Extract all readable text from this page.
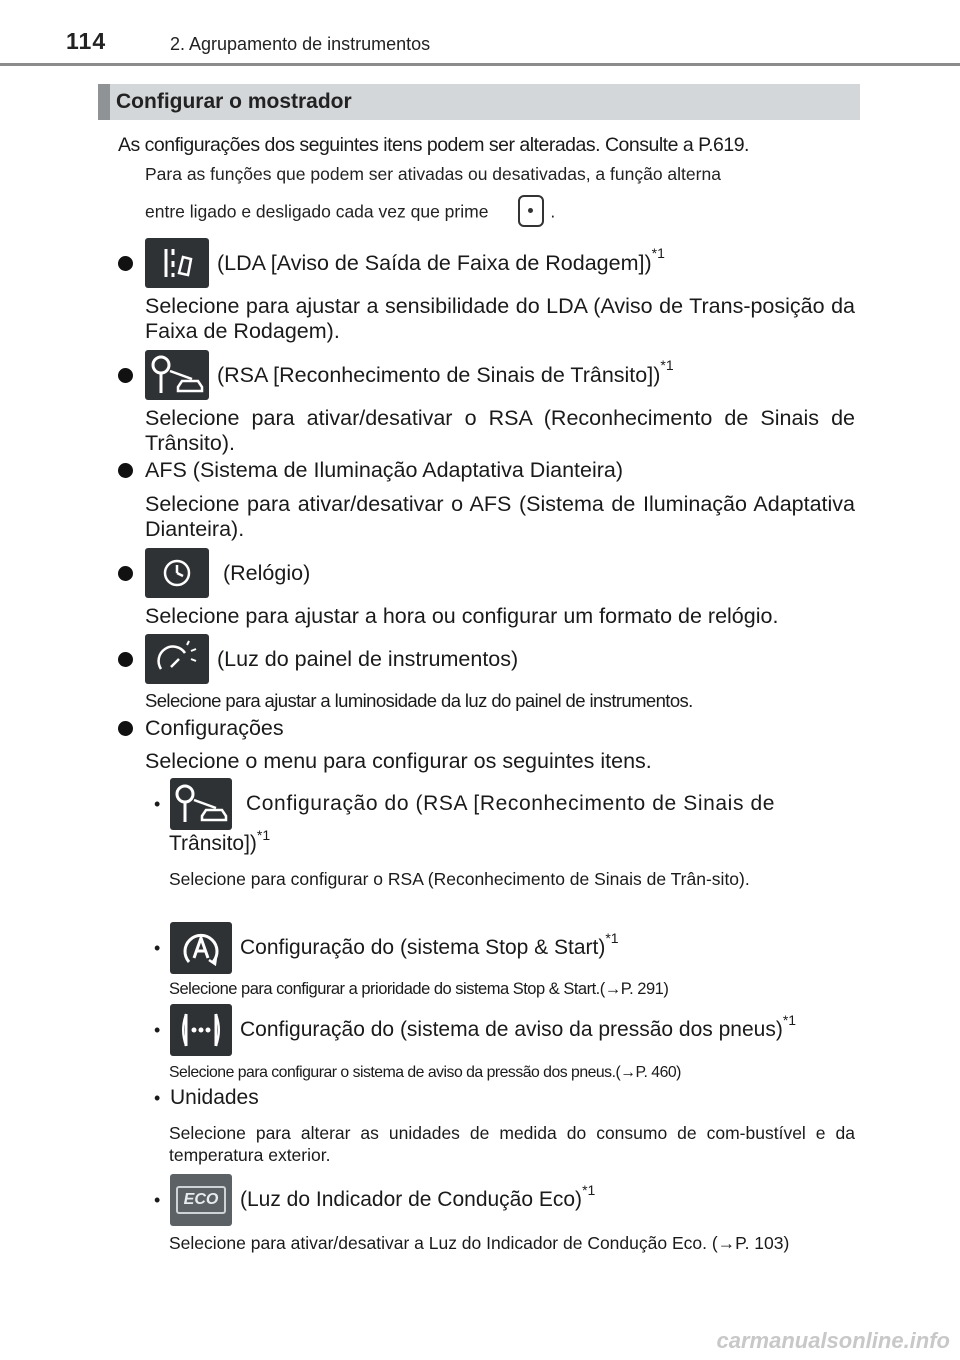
114	2. Agrupamento de instrumentos
Configurar o mostrador
As configurações dos seguintes itens podem ser alteradas. Consulte a P.619.
Para as funções que podem ser ativadas ou desativadas, a função alterna
entre ligado e desligado cada vez que prime	.
(LDA [Aviso de Saída de Faixa de Rodagem]) *1
Selecione para ajustar a sensibilidade do LDA (Aviso de Trans-posição da Faixa de Rodagem).
(RSA [Reconhecimento de Sinais de Trânsito]) *1
Selecione para ativar/desativar o RSA (Reconhecimento de Sinais de Trânsito).
AFS (Sistema de Iluminação Adaptativa Dianteira)
Selecione para ativar/desativar o AFS (Sistema de Iluminação Adaptativa Dianteira).
(Relógio)
Selecione para ajustar a hora ou configurar um formato de relógio.
(Luz do painel de instrumentos)
Selecione para ajustar a luminosidade da luz do painel de instrumentos.
Configurações
Selecione o menu para configurar os seguintes itens.
•	Configuração do (RSA [Reconhecimento de Sinais de
Trânsito])$^{*1}$
Selecione para configurar o RSA (Reconhecimento de Sinais de Trân-sito).
•	Configuração do (sistema Stop & Start) *1
Selecione para configurar a prioridade do sistema Stop & Start.(→P. 291)
•	Configuração do (sistema de aviso da pressão dos pneus) *1
Selecione para configurar o sistema de aviso da pressão dos pneus.(→P. 460)
• Unidades
Selecione para alterar as unidades de medida do consumo de com-bustível e da temperatura exterior.
•	ECO	(Luz do Indicador de Condução Eco) *1
Selecione para ativar/desativar a Luz do Indicador de Condução Eco. (→P. 103)
carmanualsonline.info
